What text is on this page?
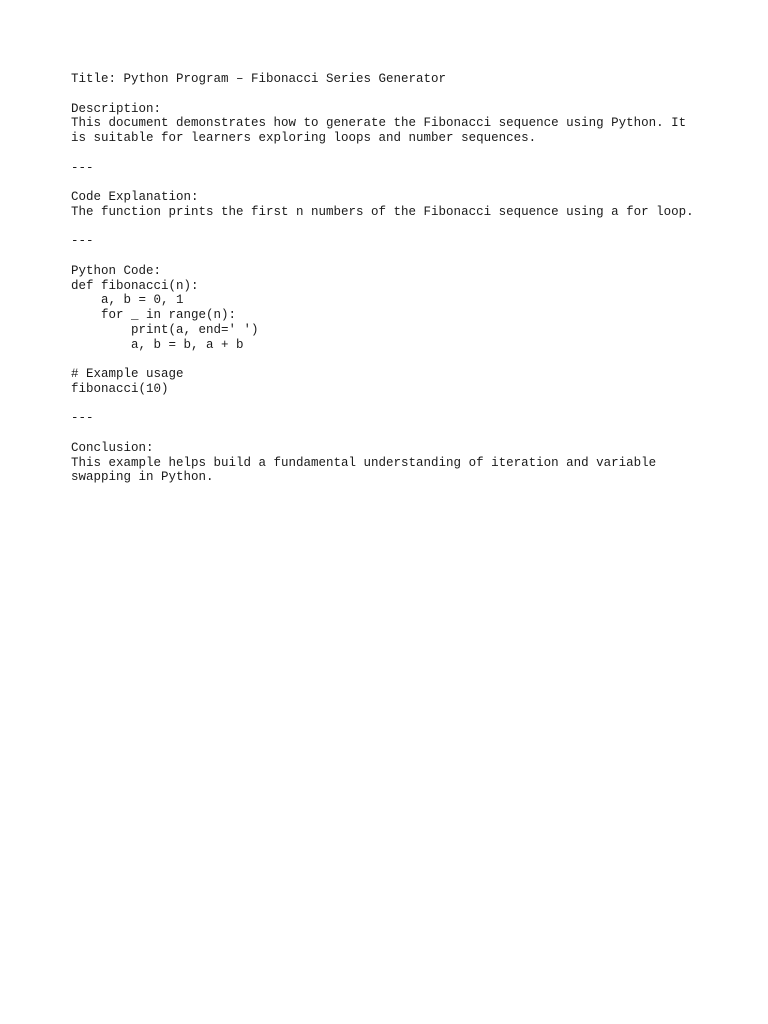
Title: Python Program – Fibonacci Series Generator
Description:
This document demonstrates how to generate the Fibonacci sequence using Python. It
is suitable for learners exploring loops and number sequences.
---
Code Explanation:
The function prints the first n numbers of the Fibonacci sequence using a for loop.
---
Python Code:
def fibonacci(n):
a, b = 0, 1
for _ in range(n):
print(a, end=' ')
a, b = b, a + b
# Example usage
fibonacci(10)
---
Conclusion:
This example helps build a fundamental understanding of iteration and variable
swapping in Python.
